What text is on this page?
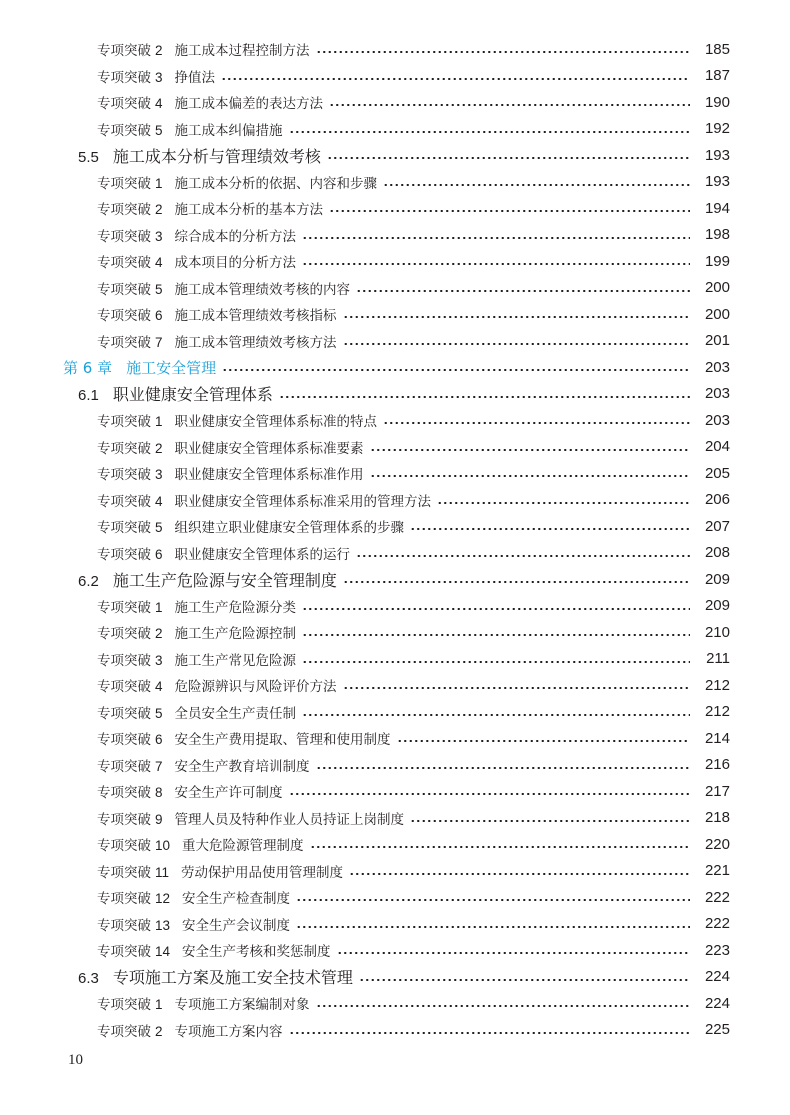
专项突破 2 施工成本过程控制方法	185
专项突破 3 挣值法	187
专项突破 4 施工成本偏差的表达方法	190
专项突破 5 施工成本纠偏措施	192
5.5 施工成本分析与管理绩效考核	193
专项突破 1 施工成本分析的依据、内容和步骤	193
专项突破 2 施工成本分析的基本方法	194
专项突破 3 综合成本的分析方法	198
专项突破 4 成本项目的分析方法	199
专项突破 5 施工成本管理绩效考核的内容	200
专项突破 6 施工成本管理绩效考核指标	200
专项突破 7 施工成本管理绩效考核方法	201
第 6 章 施工安全管理	203
6.1 职业健康安全管理体系	203
专项突破 1 职业健康安全管理体系标准的特点	203
专项突破 2 职业健康安全管理体系标准要素	204
专项突破 3 职业健康安全管理体系标准作用	205
专项突破 4 职业健康安全管理体系标准采用的管理方法	206
专项突破 5 组织建立职业健康安全管理体系的步骤	207
专项突破 6 职业健康安全管理体系的运行	208
6.2 施工生产危险源与安全管理制度	209
专项突破 1 施工生产危险源分类	209
专项突破 2 施工生产危险源控制	210
专项突破 3 施工生产常见危险源	211
专项突破 4 危险源辨识与风险评价方法	212
专项突破 5 全员安全生产责任制	212
专项突破 6 安全生产费用提取、管理和使用制度	214
专项突破 7 安全生产教育培训制度	216
专项突破 8 安全生产许可制度	217
专项突破 9 管理人员及特种作业人员持证上岗制度	218
专项突破 10 重大危险源管理制度	220
专项突破 11 劳动保护用品使用管理制度	221
专项突破 12 安全生产检查制度	222
专项突破 13 安全生产会议制度	222
专项突破 14 安全生产考核和奖惩制度	223
6.3 专项施工方案及施工安全技术管理	224
专项突破 1 专项施工方案编制对象	224
专项突破 2 专项施工方案内容	225
10
